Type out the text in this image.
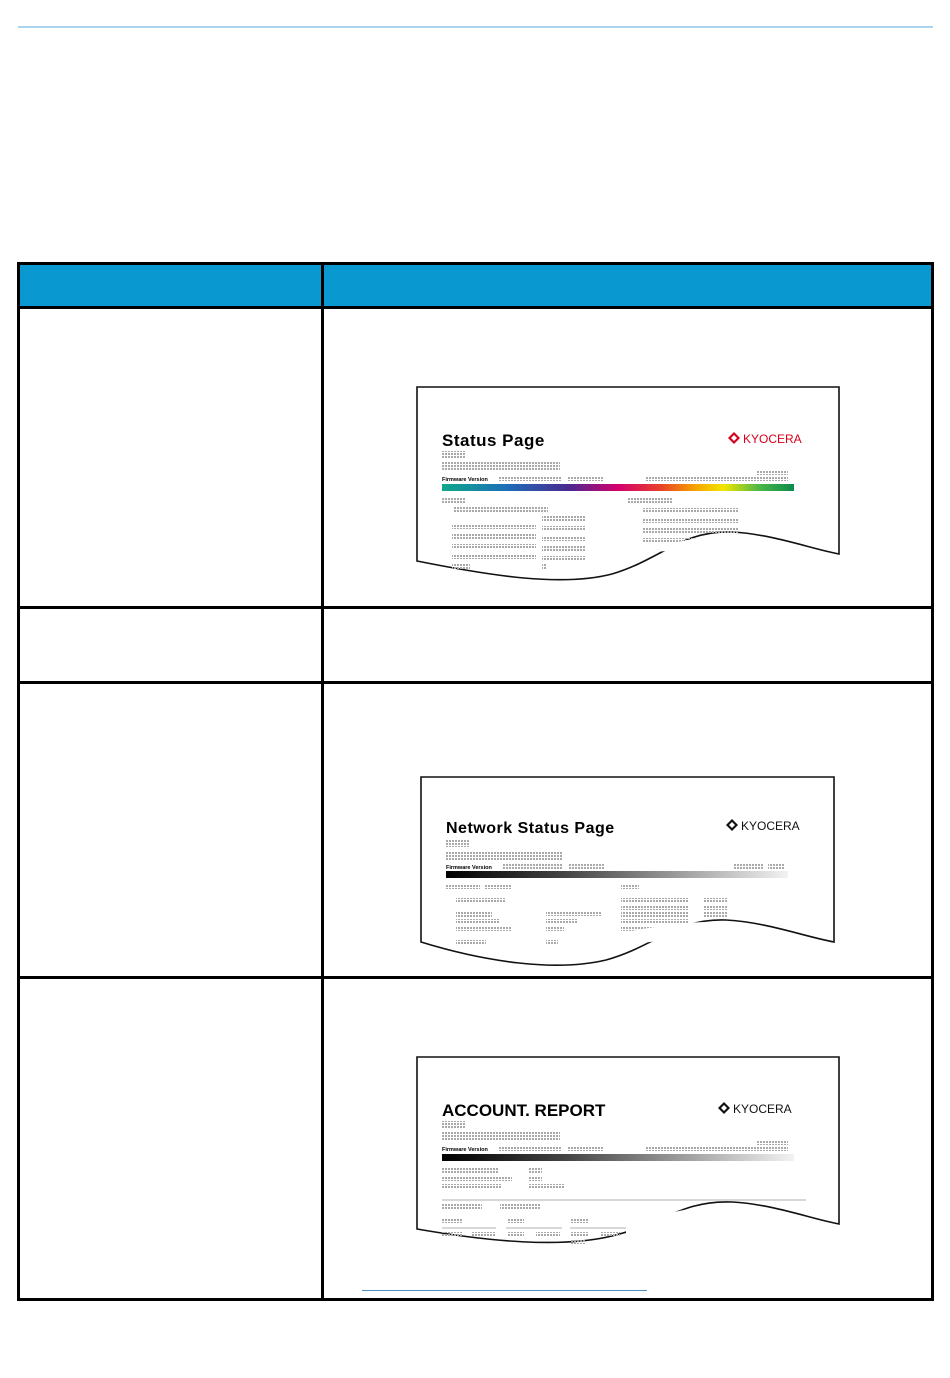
Status Page	KYOCERA
Firmware Version
Network Status Page	KYOCERA
Firmware Version
ACCOUNT. REPORT	KYOCERA
Firmware Version
